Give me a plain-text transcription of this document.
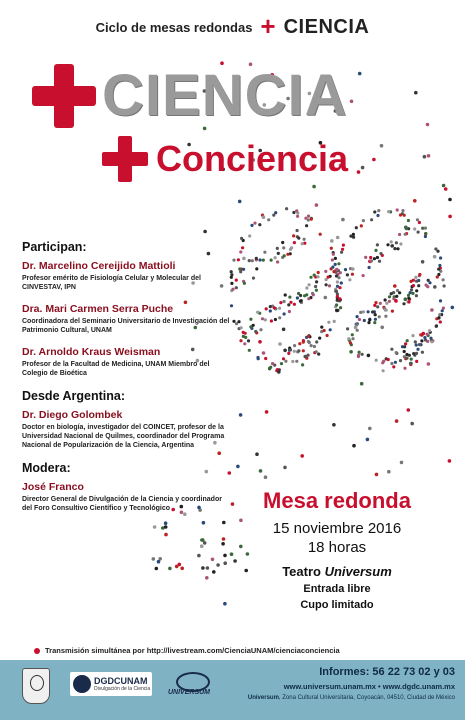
Ciclo de mesas redondas + CIENCIA
CIENCIA
Conciencia
Participan:
Dr. Marcelino Cereijido Mattioli
Profesor emérito de Fisiología Celular y Molecular del CINVESTAV, IPN
Dra. Mari Carmen Serra Puche
Coordinadora del Seminario Universitario de Investigación del Patrimonio Cultural, UNAM
Dr. Arnoldo Kraus Weisman
Profesor de la Facultad de Medicina, UNAM Miembro del Colegio de Bioética
Desde Argentina:
Dr. Diego Golombek
Doctor en biología, investigador del COINCET, profesor de la Universidad Nacional de Quilmes, coordinador del Programa Nacional de Popularización de la Ciencia, Argentina
Modera:
José Franco
Director General de Divulgación de la Ciencia y coordinador del Foro Consultivo Científico y Tecnológico	Mesa redonda
15 noviembre 2016
18 horas
Teatro Universum
Entrada libre
Cupo limitado
Transmisión simultánea por http://livestream.com/CienciaUNAM/cienciaconciencia
DGDCUNAM
Divulgación de la Ciencia	UNIVERSUM
Informes: 56 22 73 02 y 03
www.universum.unam.mx • www.dgdc.unam.mx
Universum, Zona Cultural Universitaria, Coyoacán, 04510, Ciudad de México
